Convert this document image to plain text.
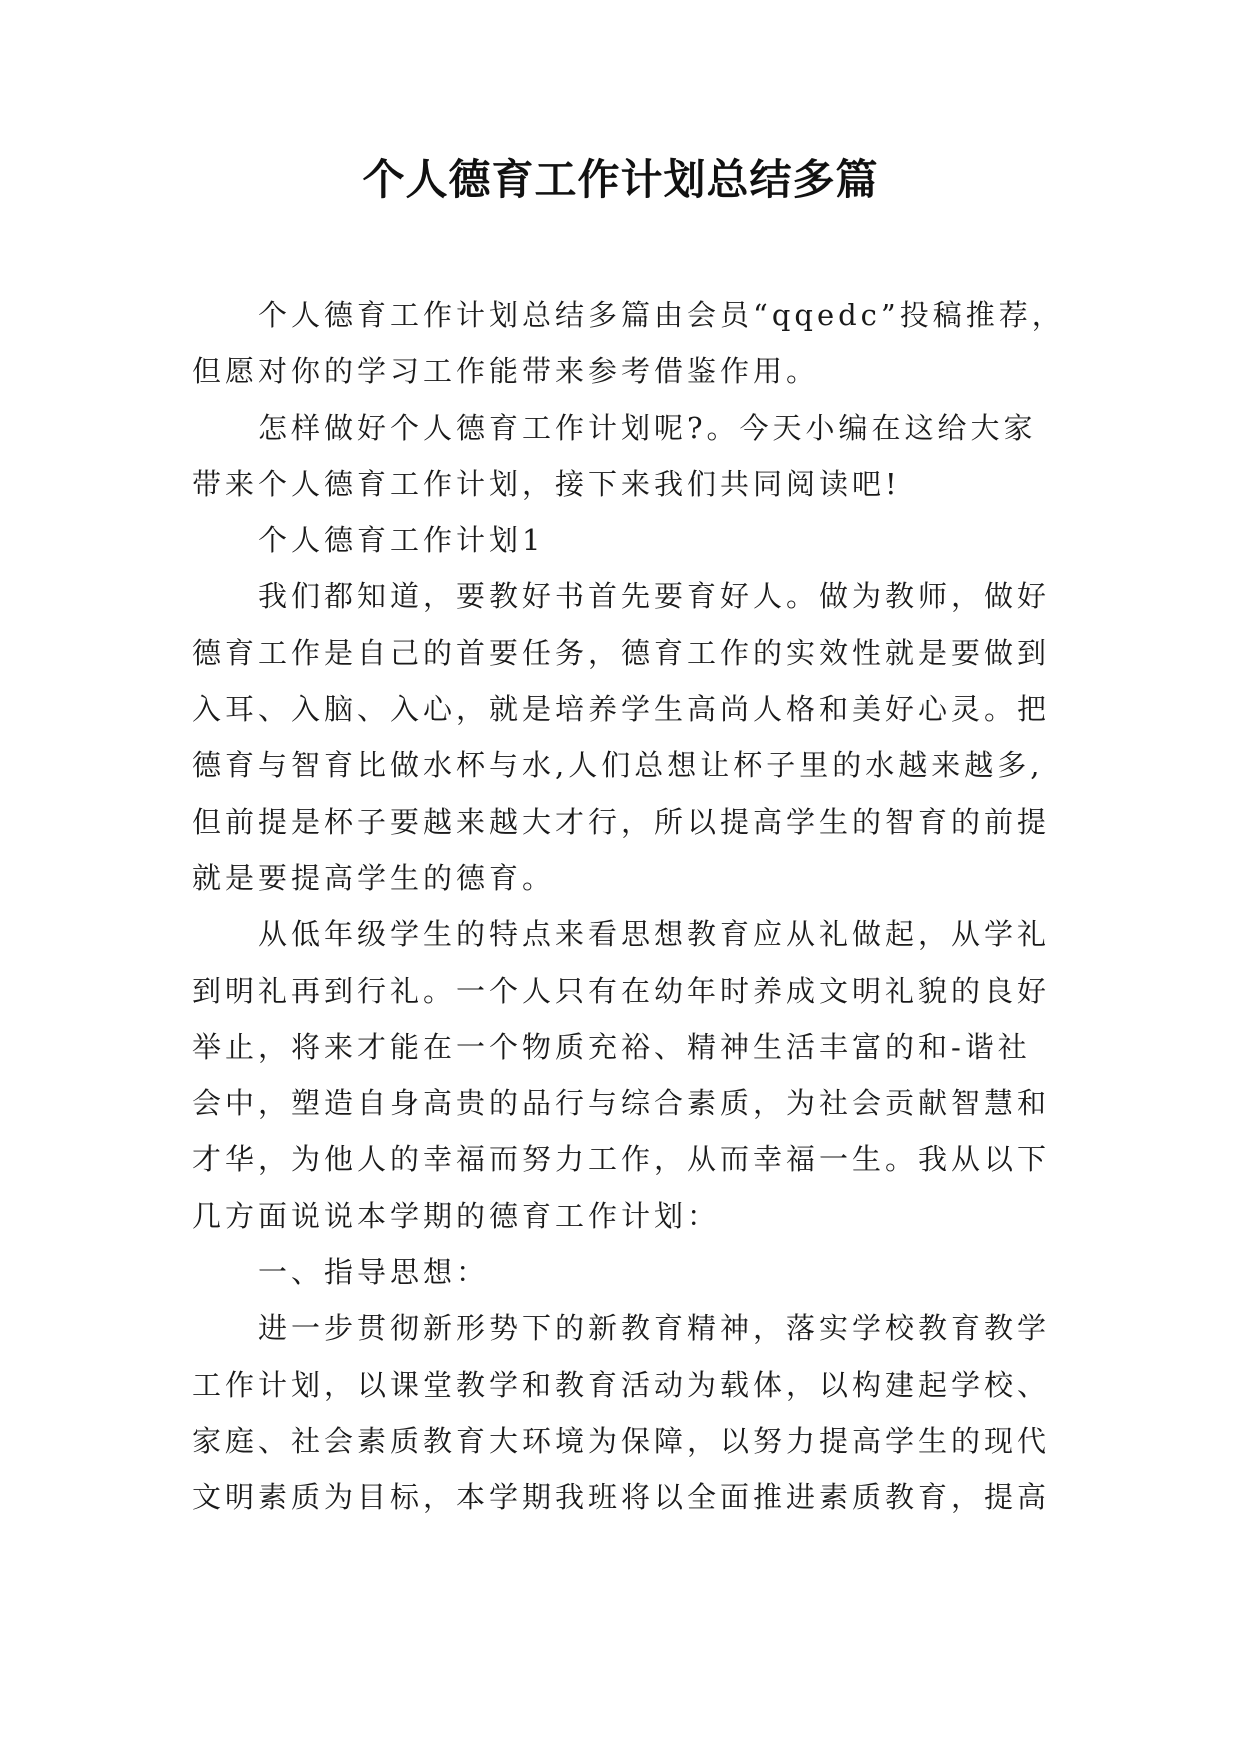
个人德育工作计划总结多篇

个人德育工作计划总结多篇由会员“qqedc”投稿推荐，
但愿对你的学习工作能带来参考借鉴作用。

怎样做好个人德育工作计划呢?。今天小编在这给大家
带来个人德育工作计划，接下来我们共同阅读吧!

个人德育工作计划1

我们都知道，要教好书首先要育好人。做为教师，做好
德育工作是自己的首要任务，德育工作的实效性就是要做到
入耳、入脑、入心，就是培养学生高尚人格和美好心灵。把
德育与智育比做水杯与水,人们总想让杯子里的水越来越多,
但前提是杯子要越来越大才行，所以提高学生的智育的前提
就是要提高学生的德育。

从低年级学生的特点来看思想教育应从礼做起，从学礼
到明礼再到行礼。一个人只有在幼年时养成文明礼貌的良好
举止，将来才能在一个物质充裕、精神生活丰富的和-谐社
会中，塑造自身高贵的品行与综合素质，为社会贡献智慧和
才华，为他人的幸福而努力工作，从而幸福一生。我从以下
几方面说说本学期的德育工作计划：

一、指导思想：

进一步贯彻新形势下的新教育精神，落实学校教育教学
工作计划，以课堂教学和教育活动为载体，以构建起学校、
家庭、社会素质教育大环境为保障，以努力提高学生的现代
文明素质为目标，本学期我班将以全面推进素质教育，提高
